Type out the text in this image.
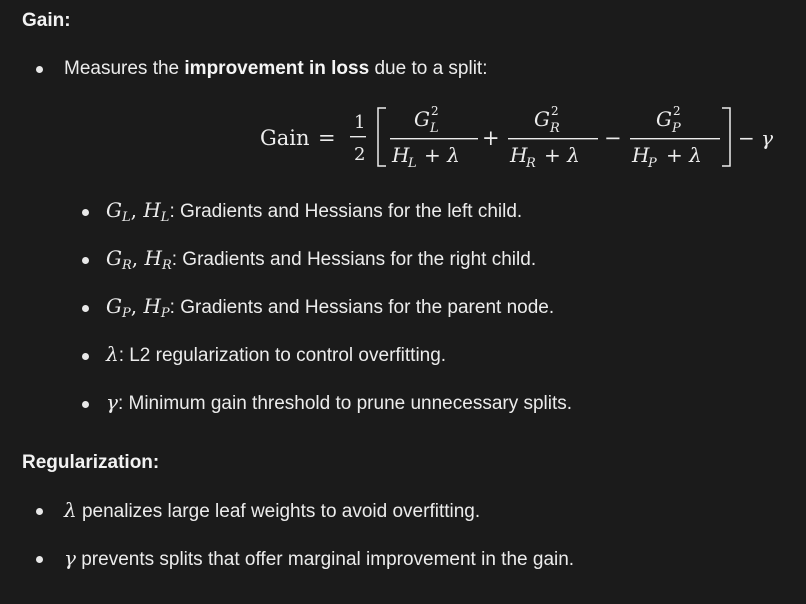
Gain:
Measures the improvement in loss due to a split:
Gain =
1
2
G 2
L
H
L + λ
+
G 2
R
H
R + λ
−
G 2
P
H
P + λ
− γ
$G_L$, $H_L$: Gradients and Hessians for the left child.
$G_R$, $H_R$: Gradients and Hessians for the right child.
$G_P$, $H_P$: Gradients and Hessians for the parent node.
λ: L2 regularization to control overfitting.
γ: Minimum gain threshold to prune unnecessary splits.
Regularization:
λ penalizes large leaf weights to avoid overfitting.
γ prevents splits that offer marginal improvement in the gain.
